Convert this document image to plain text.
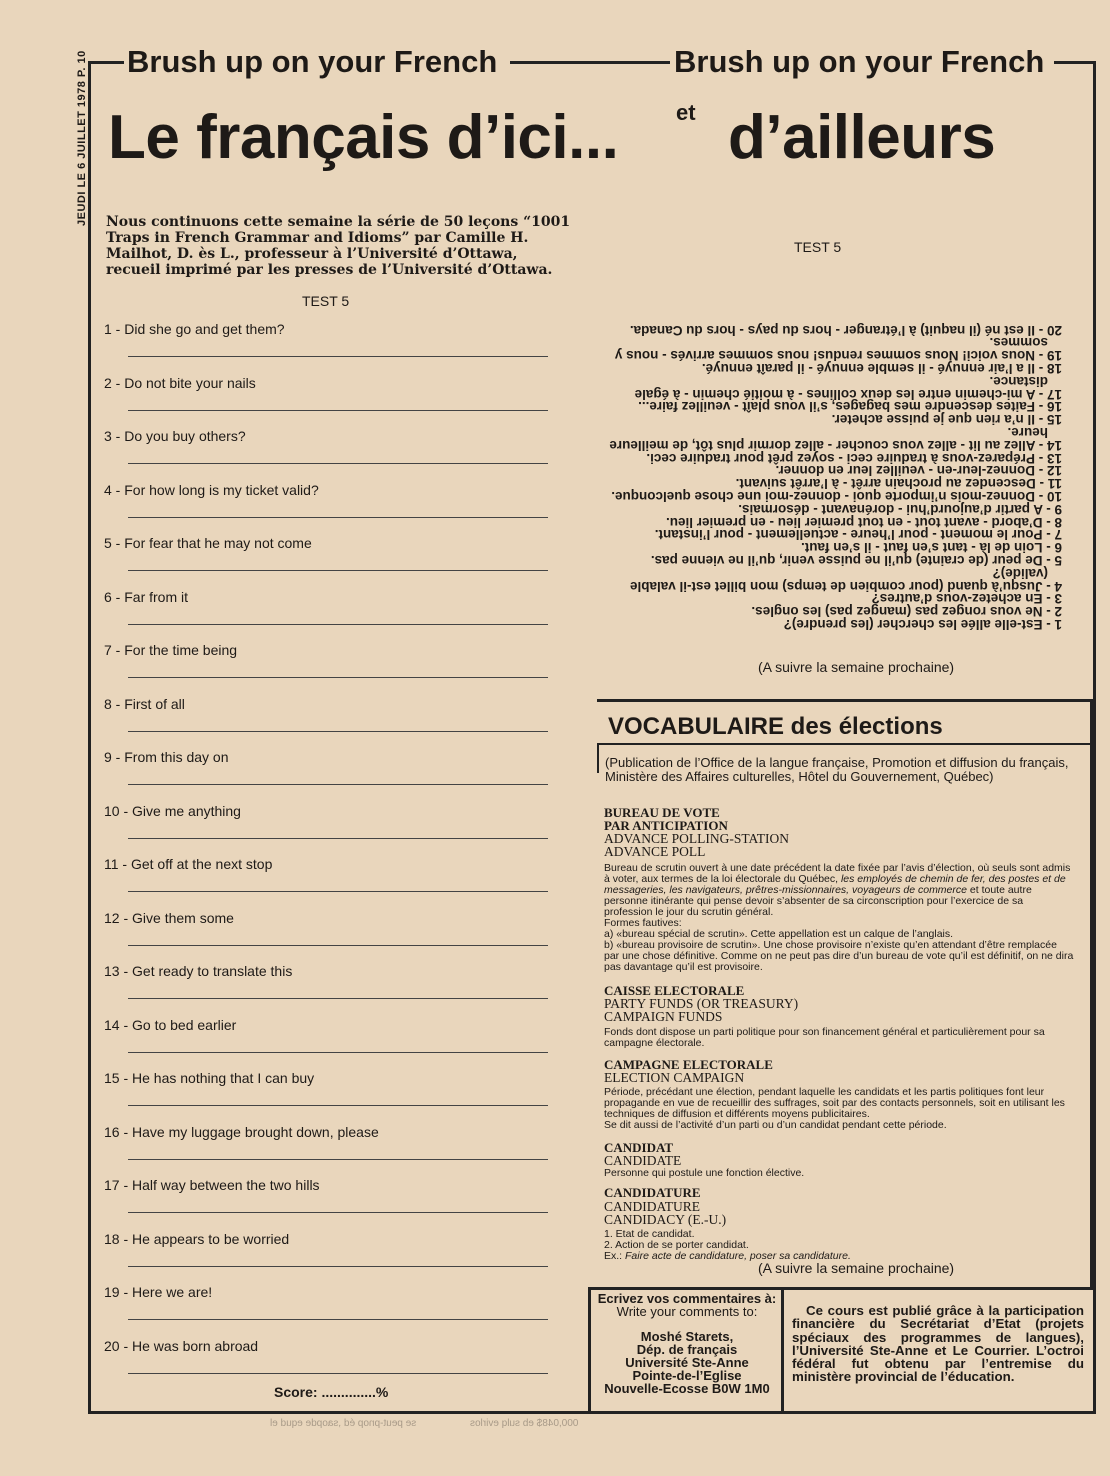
JEUDI LE 6 JUILLET 1978 P. 10 Brush up on your French	Brush up on your French
Le français d’ici...	et d’ailleurs
Nous continuons cette semaine la série de 50 leçons “1001 Traps in French Grammar and Idioms” par Camille H. Mailhot, D. ès L., professeur à l’Université d’Ottawa, recueil imprimé par les presses de l’Université d’Ottawa.
TEST 5
1 - Did she go and get them?
2 - Do not bite your nails
3 - Do you buy others?
4 - For how long is my ticket valid?
5 - For fear that he may not come
6 - Far from it
7 - For the time being
8 - First of all
9 - From this day on
10 - Give me anything
11 - Get off at the next stop
12 - Give them some
13 - Get ready to translate this
14 - Go to bed earlier
15 - He has nothing that I can buy
16 - Have my luggage brought down, please
17 - Half way between the two hills
18 - He appears to be worried
19 - Here we are!
20 - He was born abroad
Score: ..............%
TEST 5
1 - Est-elle allée les chercher (les prendre)?
2 - Ne vous rongez pas (mangez pas) les ongles.
3 - En achetez-vous d’autres?
4 - Jusqu’à quand (pour combien de temps) mon billet est-il valable
(valide)?
5 - De peur (de crainte) qu’il ne puisse venir, qu’il ne vienne pas.
6 - Loin de là - tant s’en faut - il s’en faut.
7 - Pour le moment - pour l’heure - actuellement - pour l’instant.
8 - D’abord - avant tout - en tout premier lieu - en premier lieu.
9 - A partir d’aujourd’hui - dorénavant - désormais.
10 - Donnez-mois n’importe quoi - donnez-moi une chose quelconque.
11 - Descendez au prochain arrêt - à l’arrêt suivant.
12 - Donnez-leur-en - veuillez leur en donner.
13 - Préparez-vous à traduire ceci - soyez prêt pour traduire ceci.
14 - Allez au lit - allez vous coucher - allez dormir plus tôt, de meilleure
heure.
15 - Il n’a rien que je puisse acheter.
16 - Faites descendre mes bagages, s’il vous plaît - veuillez faire...
17 - A mi-chemin entre les deux collines - à moitié chemin - à égale
distance.
18 - Il a l’air ennuyé - il semble ennuyé - il paraît ennuyé.
19 - Nous voici! Nous sommes rendus! nous sommes arrivés - nous y
sommes.
20 - Il est né (il naquit) à l’étranger - hors du pays - hors du Canada.
(A suivre la semaine prochaine)
VOCABULAIRE des élections
(Publication de l’Office de la langue française, Promotion et diffusion du français, Ministère des Affaires culturelles, Hôtel du Gouvernement, Québec)
BUREAU DE VOTE
PAR ANTICIPATION
ADVANCE POLLING-STATION
ADVANCE POLL
Bureau de scrutin ouvert à une date précédent la date fixée par l’avis d’élection, où seuls sont admis à voter, aux termes de la loi électorale du Québec, les employés de chemin de fer, des postes et de messageries, les navigateurs, prêtres-missionnaires, voyageurs de commerce et toute autre personne itinérante qui pense devoir s’absenter de sa circonscription pour l’exercice de sa profession le jour du scrutin général.
Formes fautives:
a) «bureau spécial de scrutin». Cette appellation est un calque de l’anglais.
b) «bureau provisoire de scrutin». Une chose provisoire n’existe qu’en attendant d’être remplacée par une chose définitive. Comme on ne peut pas dire d’un bureau de vote qu’il est définitif, on ne dira pas davantage qu’il est provisoire.
CAISSE ELECTORALE
PARTY FUNDS (OR TREASURY)
CAMPAIGN FUNDS
Fonds dont dispose un parti politique pour son financement général et particulièrement pour sa campagne électorale.
CAMPAGNE ELECTORALE
ELECTION CAMPAIGN
Période, précédant une élection, pendant laquelle les candidats et les partis politiques font leur propagande en vue de recueillir des suffrages, soit par des contacts personnels, soit en utilisant les techniques de diffusion et différents moyens publicitaires.
Se dit aussi de l’activité d’un parti ou d’un candidat pendant cette période.
CANDIDAT
CANDIDATE
Personne qui postule une fonction élective.
CANDIDATURE
CANDIDATURE
CANDIDACY (E.-U.)
1. Etat de candidat.
2. Action de se porter candidat.
Ex.: Faire acte de candidature, poser sa candidature.
(A suivre la semaine prochaine)
Ecrivez vos commentaires à:
Write your comments to:
Moshé Starets,
Dép. de français
Université Ste-Anne
Pointe-de-l’Eglise
Nouvelle-Ecosse B0W 1M0
Ce cours est publié grâce à la participation financière du Secrétariat d’Etat (projets spéciaux des programmes de langues), l’Université Ste-Anne et Le Courrier. L’octroi fédéral fut obtenu par l’entremise du ministère provincial de l’éducation.
se peut-pnop éd ,saopde equd el	000,048$ eb sulq evirlos
